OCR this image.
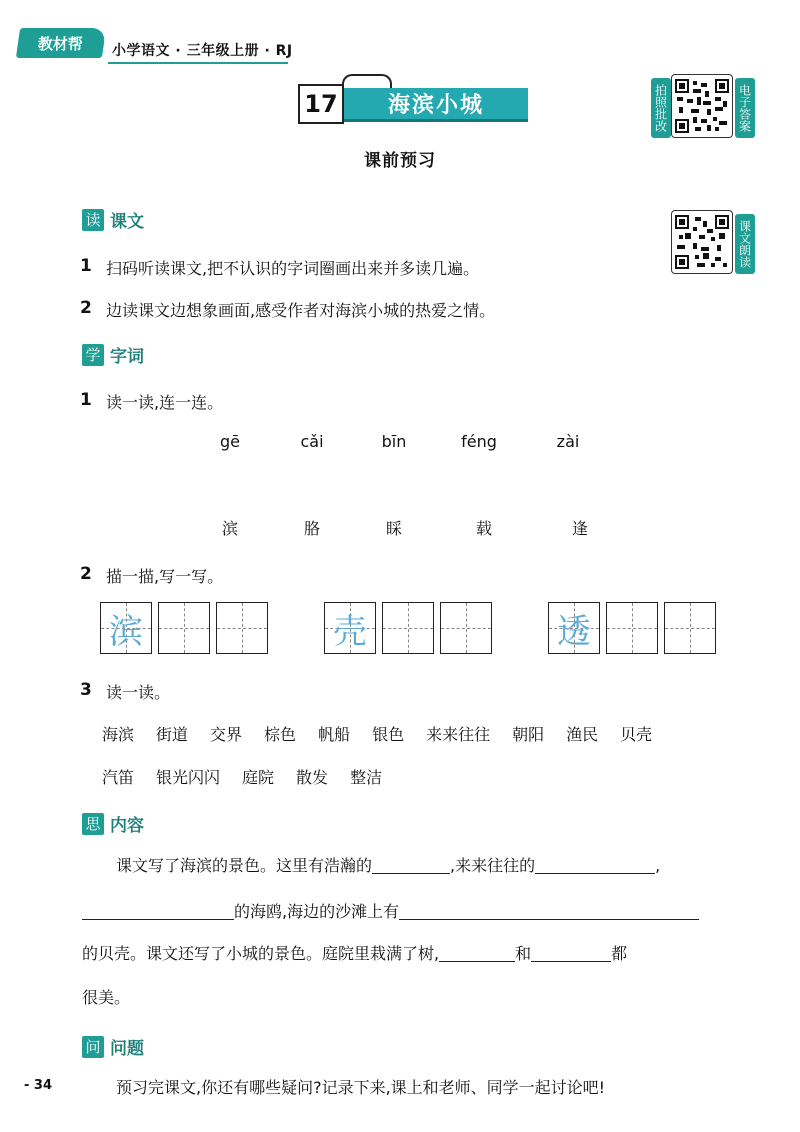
教材帮 小学语文 · 三年级上册 · RJ
17	海滨小城
课前预习
拍照批改	电子答案
课文朗读
读 课文
1 扫码听读课文,把不认识的字词圈画出来并多读几遍。
2 边读课文边想象画面,感受作者对海滨小城的热爱之情。
学 字词
1 读一读,连一连。
gē	cǎi	bīn	féng	zài
滨	胳	睬	载	逢
2 描一描,写一写。
滨	壳	透
3 读一读。
海滨 街道 交界 棕色 帆船 银色 来来往往 朝阳 渔民 贝壳
汽笛 银光闪闪 庭院 散发 整洁
思 内容
课文写了海滨的景色。这里有浩瀚的	,来来往往的	,
的海鸥,海边的沙滩上有
的贝壳。课文还写了小城的景色。庭院里栽满了树,	和	都
很美。
问 问题
预习完课文,你还有哪些疑问?记录下来,课上和老师、同学一起讨论吧!
- 34
